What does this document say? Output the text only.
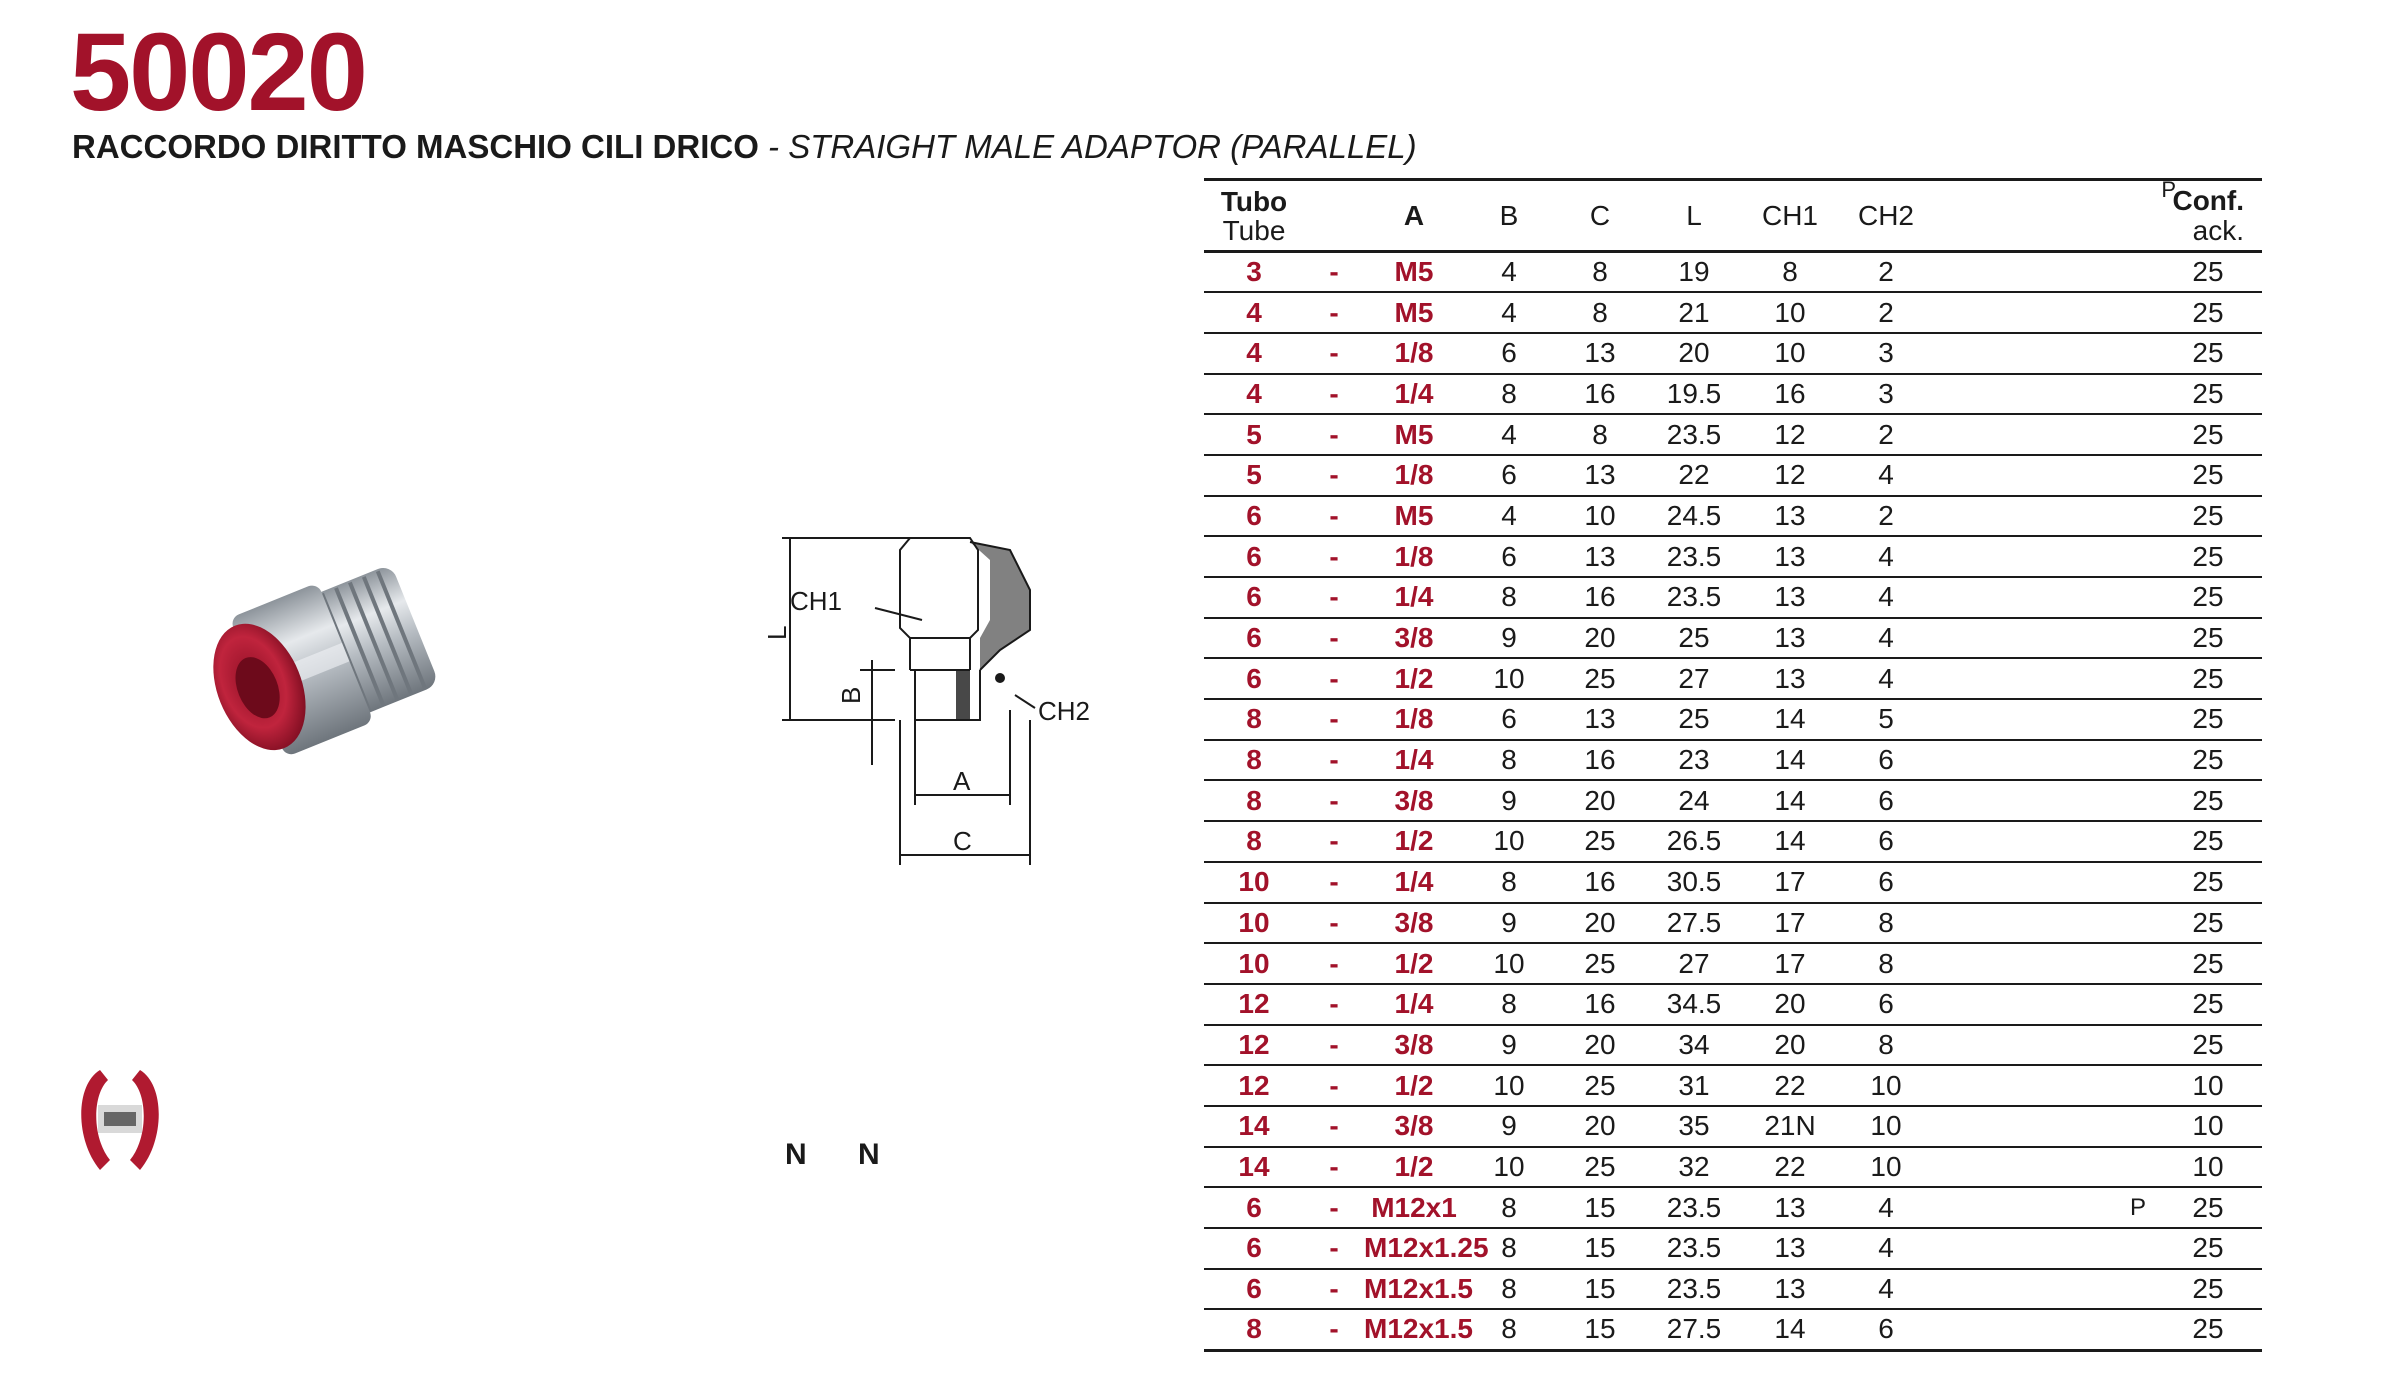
50020
RACCORDO DIRITTO MASCHIO CILI DRICO - STRAIGHT MALE ADAPTOR (PARALLEL)
CH1
CH2
L
B
A
C
N N
Tubo
Tube		A	B	C	L	CH1	CH2		P
Conf.
ack.

3	-	M5	4	8	19	8	2		25
4	-	M5	4	8	21	10	2		25
4	-	1/8	6	13	20	10	3		25
4	-	1/4	8	16	19.5	16	3		25
5	-	M5	4	8	23.5	12	2		25
5	-	1/8	6	13	22	12	4		25
6	-	M5	4	10	24.5	13	2		25
6	-	1/8	6	13	23.5	13	4		25
6	-	1/4	8	16	23.5	13	4		25
6	-	3/8	9	20	25	13	4		25
6	-	1/2	10	25	27	13	4		25
8	-	1/8	6	13	25	14	5		25
8	-	1/4	8	16	23	14	6		25
8	-	3/8	9	20	24	14	6		25
8	-	1/2	10	25	26.5	14	6		25
10	-	1/4	8	16	30.5	17	6		25
10	-	3/8	9	20	27.5	17	8		25
10	-	1/2	10	25	27	17	8		25
12	-	1/4	8	16	34.5	20	6		25
12	-	3/8	9	20	34	20	8		25
12	-	1/2	10	25	31	22	10		10
14	-	3/8	9	20	35	21N	10		10
14	-	1/2	10	25	32	22	10		10
6	-	M12x1	8	15	23.5	13	4	P	25
6	-	M12x1.25	8	15	23.5	13	4		25
6	-	M12x1.5	8	15	23.5	13	4		25
8	-	M12x1.5	8	15	27.5	14	6		25
